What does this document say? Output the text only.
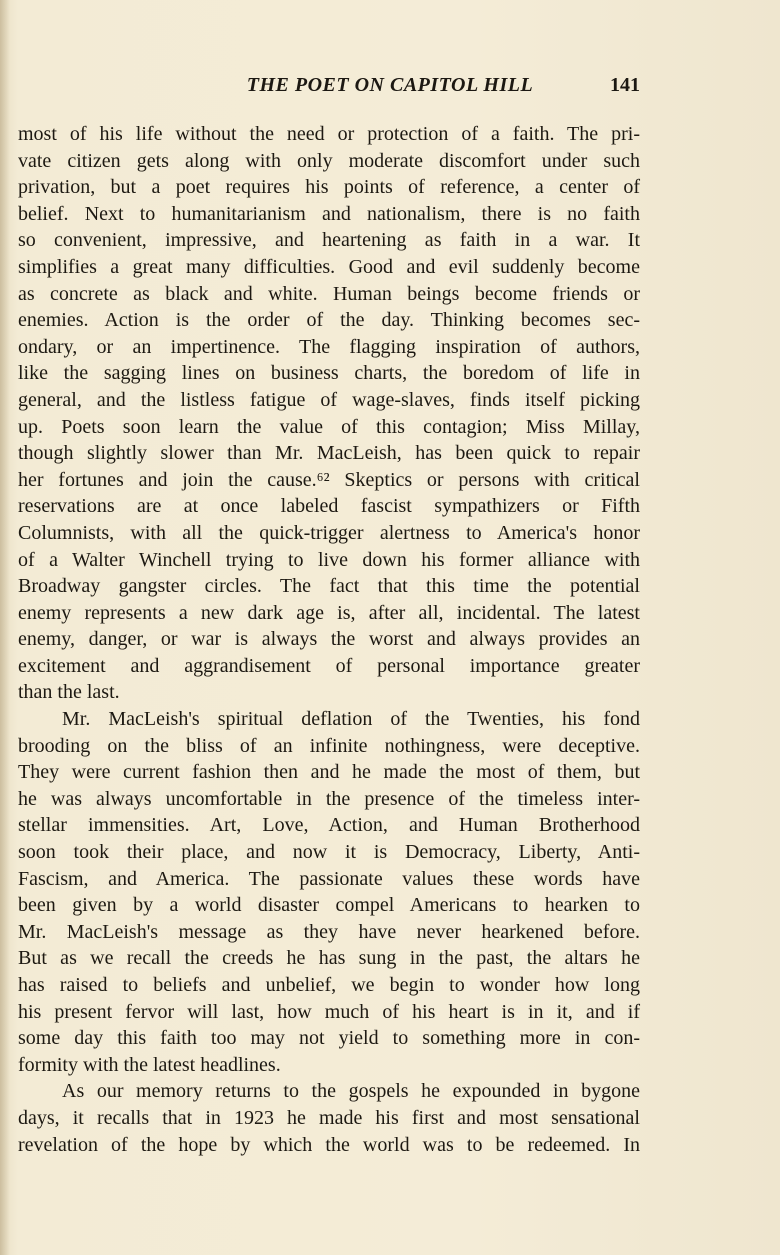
THE POET ON CAPITOL HILL	141
most of his life without the need or protection of a faith. The pri-
vate citizen gets along with only moderate discomfort under such
privation, but a poet requires his points of reference, a center of
belief. Next to humanitarianism and nationalism, there is no faith
so convenient, impressive, and heartening as faith in a war. It
simplifies a great many difficulties. Good and evil suddenly become
as concrete as black and white. Human beings become friends or
enemies. Action is the order of the day. Thinking becomes sec-
ondary, or an impertinence. The flagging inspiration of authors,
like the sagging lines on business charts, the boredom of life in
general, and the listless fatigue of wage-slaves, finds itself picking
up. Poets soon learn the value of this contagion; Miss Millay,
though slightly slower than Mr. MacLeish, has been quick to repair
her fortunes and join the cause.⁶² Skeptics or persons with critical
reservations are at once labeled fascist sympathizers or Fifth
Columnists, with all the quick-trigger alertness to America's honor
of a Walter Winchell trying to live down his former alliance with
Broadway gangster circles. The fact that this time the potential
enemy represents a new dark age is, after all, incidental. The latest
enemy, danger, or war is always the worst and always provides an
excitement and aggrandisement of personal importance greater
than the last.
Mr. MacLeish's spiritual deflation of the Twenties, his fond
brooding on the bliss of an infinite nothingness, were deceptive.
They were current fashion then and he made the most of them, but
he was always uncomfortable in the presence of the timeless inter-
stellar immensities. Art, Love, Action, and Human Brotherhood
soon took their place, and now it is Democracy, Liberty, Anti-
Fascism, and America. The passionate values these words have
been given by a world disaster compel Americans to hearken to
Mr. MacLeish's message as they have never hearkened before.
But as we recall the creeds he has sung in the past, the altars he
has raised to beliefs and unbelief, we begin to wonder how long
his present fervor will last, how much of his heart is in it, and if
some day this faith too may not yield to something more in con-
formity with the latest headlines.
As our memory returns to the gospels he expounded in bygone
days, it recalls that in 1923 he made his first and most sensational
revelation of the hope by which the world was to be redeemed. In
